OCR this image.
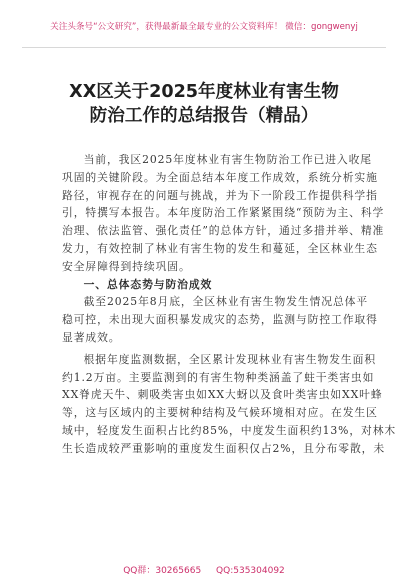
关注头条号“公文研究”，获得最新最全最专业的公文资料库！ 微信：gongwenyj
XX区关于2025年度林业有害生物
防治工作的总结报告（精品）

当前，我区2025年度林业有害生物防治工作已进入收尾
巩固的关键阶段。为全面总结本年度工作成效，系统分析实施
路径，审视存在的问题与挑战，并为下一阶段工作提供科学指
引，特撰写本报告。本年度防治工作紧紧围绕“预防为主、科学
治理、依法监管、强化责任”的总体方针，通过多措并举、精准
发力，有效控制了林业有害生物的发生和蔓延，全区林业生态
安全屏障得到持续巩固。

一、总体态势与防治成效

截至2025年8月底，全区林业有害生物发生情况总体平
稳可控，未出现大面积暴发成灾的态势，监测与防控工作取得
显著成效。

根据年度监测数据，全区累计发现林业有害生物发生面积
约1.2万亩。主要监测到的有害生物种类涵盖了蛀干类害虫如
XX脊虎天牛、刺吸类害虫如XX大蚜以及食叶类害虫如XX叶蜂
等，这与区域内的主要树种结构及气候环境相对应。在发生区
域中，轻度发生面积占比约85%，中度发生面积约13%，对林木
生长造成较严重影响的重度发生面积仅占2%，且分布零散，未

QQ群：30265665 QQ:535304092
